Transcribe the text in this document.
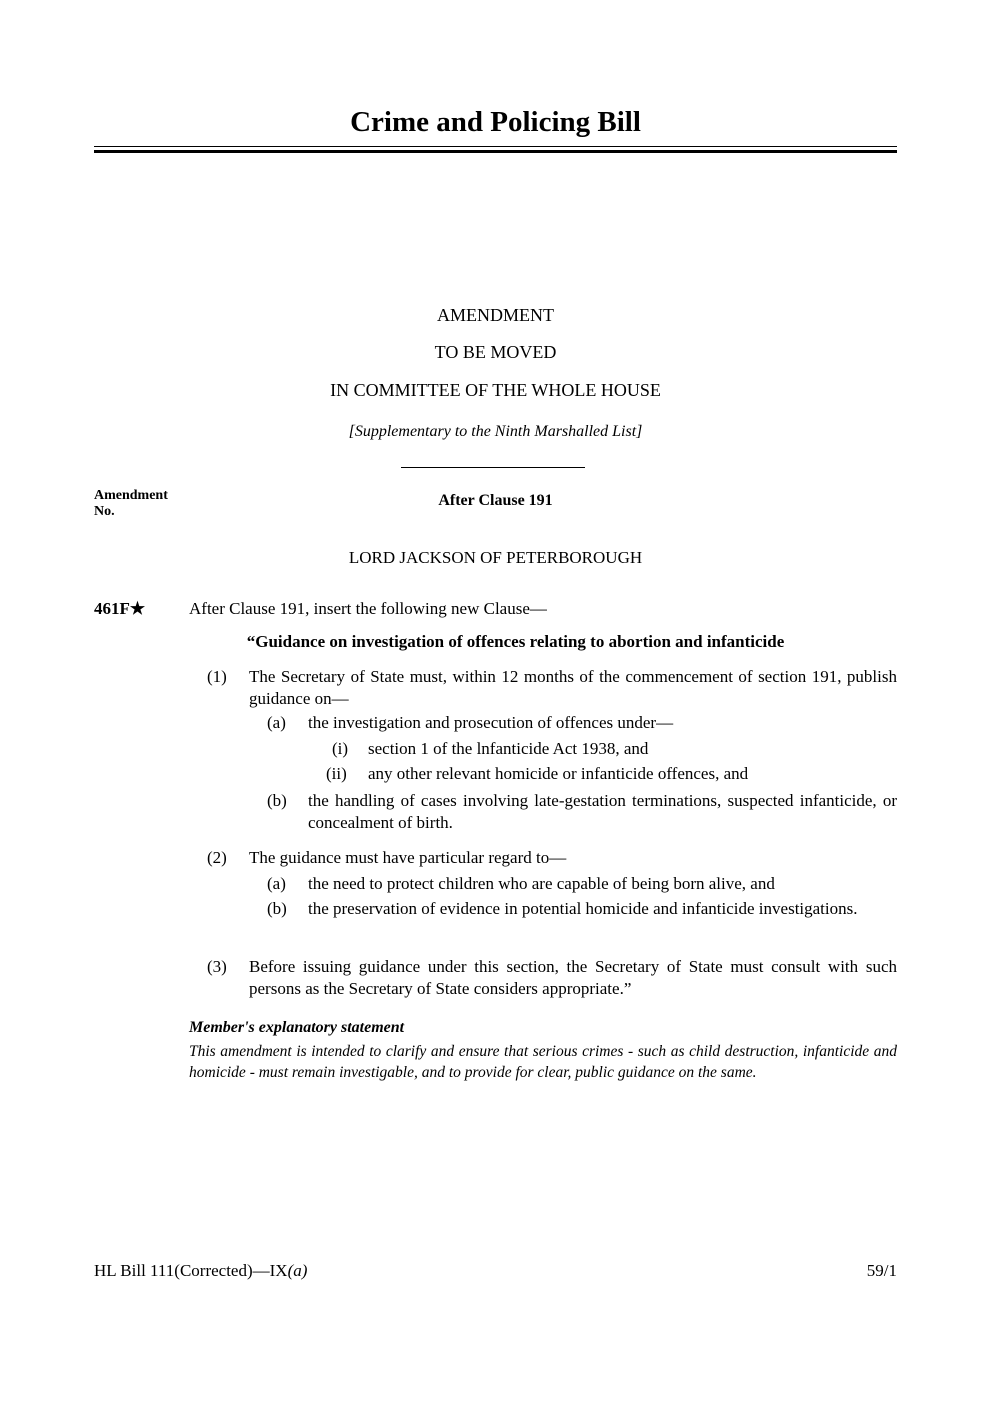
Crime and Policing Bill
AMENDMENT
TO BE MOVED
IN COMMITTEE OF THE WHOLE HOUSE
[Supplementary to the Ninth Marshalled List]
Amendment
No.
After Clause 191
LORD JACKSON OF PETERBOROUGH
461F★	After Clause 191, insert the following new Clause—
“Guidance on investigation of offences relating to abortion and infanticide
(1) The Secretary of State must, within 12 months of the commencement of section 191, publish guidance on—
(a) the investigation and prosecution of offences under—
(i) section 1 of the lnfanticide Act 1938, and
(ii) any other relevant homicide or infanticide offences, and
(b) the handling of cases involving late-gestation terminations, suspected infanticide, or concealment of birth.
(2) The guidance must have particular regard to—
(a) the need to protect children who are capable of being born alive, and
(b) the preservation of evidence in potential homicide and infanticide investigations.
(3) Before issuing guidance under this section, the Secretary of State must consult with such persons as the Secretary of State considers appropriate.”
Member's explanatory statement
This amendment is intended to clarify and ensure that serious crimes - such as child destruction, infanticide and homicide - must remain investigable, and to provide for clear, public guidance on the same.
HL Bill 111(Corrected)—IX(a)	59/1
